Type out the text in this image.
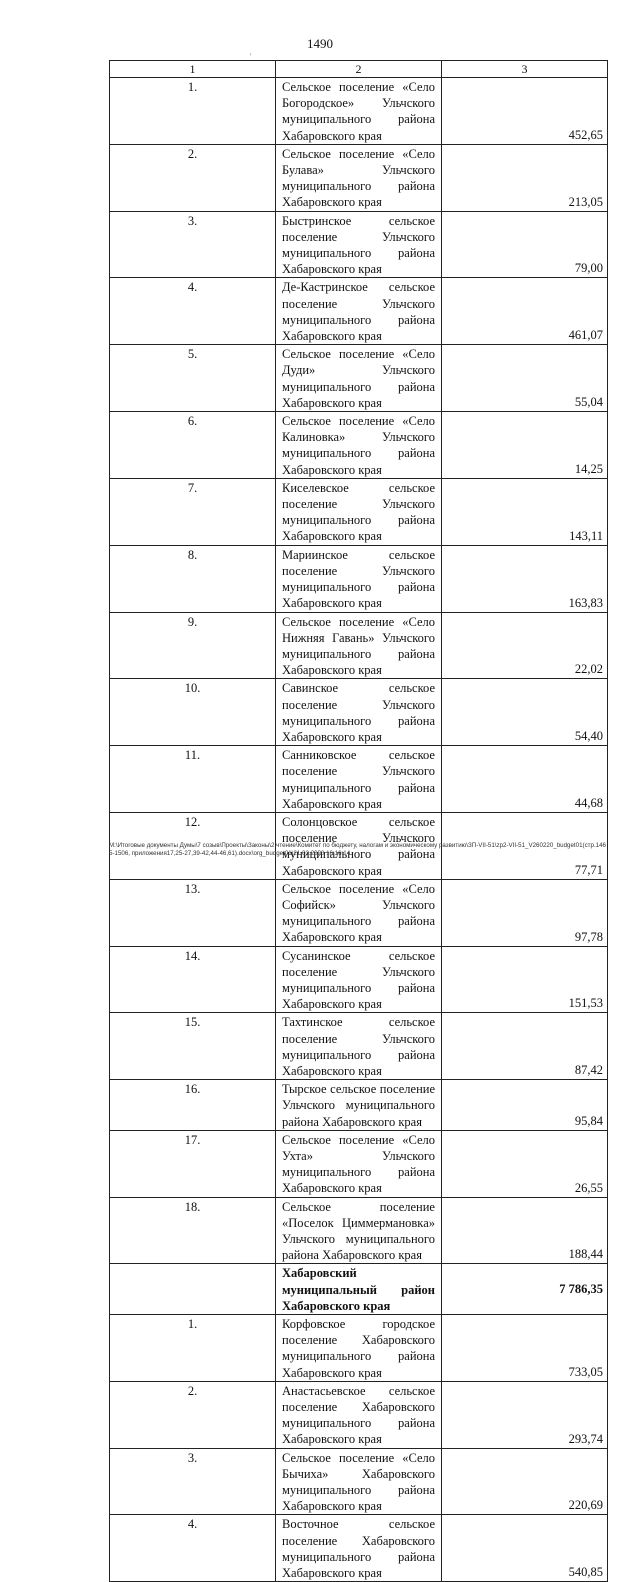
1490
'
1	2	3
1.	Сельское поселение «Село Богородское» Ульчского муниципального района Хабаровского края	452,65
2.	Сельское поселение «Село Булава» Ульчского муниципального района Хабаровского края	213,05
3.	Быстринское сельское поселение Ульчского муниципального района Хабаровского края	79,00
4.	Де-Кастринское сельское поселение Ульчского муниципального района Хабаровского края	461,07
5.	Сельское поселение «Село Дуди» Ульчского муниципального района Хабаровского края	55,04
6.	Сельское поселение «Село Калиновка» Ульчского муниципального района Хабаровского края	14,25
7.	Киселевское сельское поселение Ульчского муниципального района Хабаровского края	143,11
8.	Мариинское сельское поселение Ульчского муниципального района Хабаровского края	163,83
9.	Сельское поселение «Село Нижняя Гавань» Ульчского муниципального района Хабаровского края	22,02
10.	Савинское сельское поселение Ульчского муниципального района Хабаровского края	54,40
11.	Санниковское сельское поселение Ульчского муниципального района Хабаровского края	44,68
12.	Солонцовское сельское поселение Ульчского муниципального района Хабаровского края	77,71
13.	Сельское поселение «Село Софийск» Ульчского муниципального района Хабаровского края	97,78
14.	Сусанинское сельское поселение Ульчского муниципального района Хабаровского края	151,53
15.	Тахтинское сельское поселение Ульчского муниципального района Хабаровского края	87,42
16.	Тырское сельское поселение Ульчского муниципального района Хабаровского края	95,84
17.	Сельское поселение «Село Ухта» Ульчского муниципального района Хабаровского края	26,55
18.	Сельское поселение «Поселок Циммермановка» Ульчского муниципального района Хабаровского края	188,44
	Хабаровский муниципальный район Хабаровского края	7 786,35
1.	Корфовское городское поселение Хабаровского муниципального района Хабаровского края	733,05
2.	Анастасьевское сельское поселение Хабаровского муниципального района Хабаровского края	293,74
3.	Сельское поселение «Село Бычиха» Хабаровского муниципального района Хабаровского края	220,69
4.	Восточное сельское поселение Хабаровского муниципального района Хабаровского края	540,85
M:\Итоговые документы Думы\7 созыв\Проекты\Законы\2 чтение\Комитет по бюджету, налогам и экономическому развитию\ЗП-VII-51\zp2-VII-51_V260220_budget01(стр.1465-1506, приложения17,25-27,39-42,44-46,61).docx\org_budget01\21.02.2020 16:16:14
